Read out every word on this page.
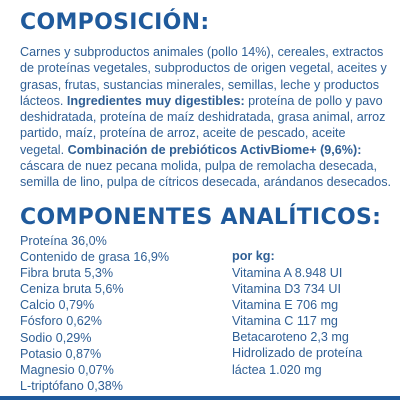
COMPOSICIÓN:

Carnes y subproductos animales (pollo 14%), cereales, extractos de proteínas vegetales, subproductos de origen vegetal, aceites y grasas, frutas, sustancias minerales, semillas, leche y productos lácteos. Ingredientes muy digestibles: proteína de pollo y pavo deshidratada, proteína de maíz deshidratada, grasa animal, arroz partido, maíz, proteína de arroz, aceite de pescado, aceite vegetal. Combinación de prebióticos ActivBiome+ (9,6%): cáscara de nuez pecana molida, pulpa de remolacha desecada, semilla de lino, pulpa de cítricos desecada, arándanos desecados.

COMPONENTES ANALÍTICOS:
Proteína 36,0%
Contenido de grasa 16,9%
Fibra bruta 5,3%
Ceniza bruta 5,6%
Calcio 0,79%
Fósforo 0,62%
Sodio 0,29%
Potasio 0,87%
Magnesio 0,07%
L-triptófano 0,38%

por kg:

Vitamina A 8.948 UI
Vitamina D3 734 UI
Vitamina E 706 mg
Vitamina C 117 mg
Betacaroteno 2,3 mg
Hidrolizado de proteína
láctea 1.020 mg
